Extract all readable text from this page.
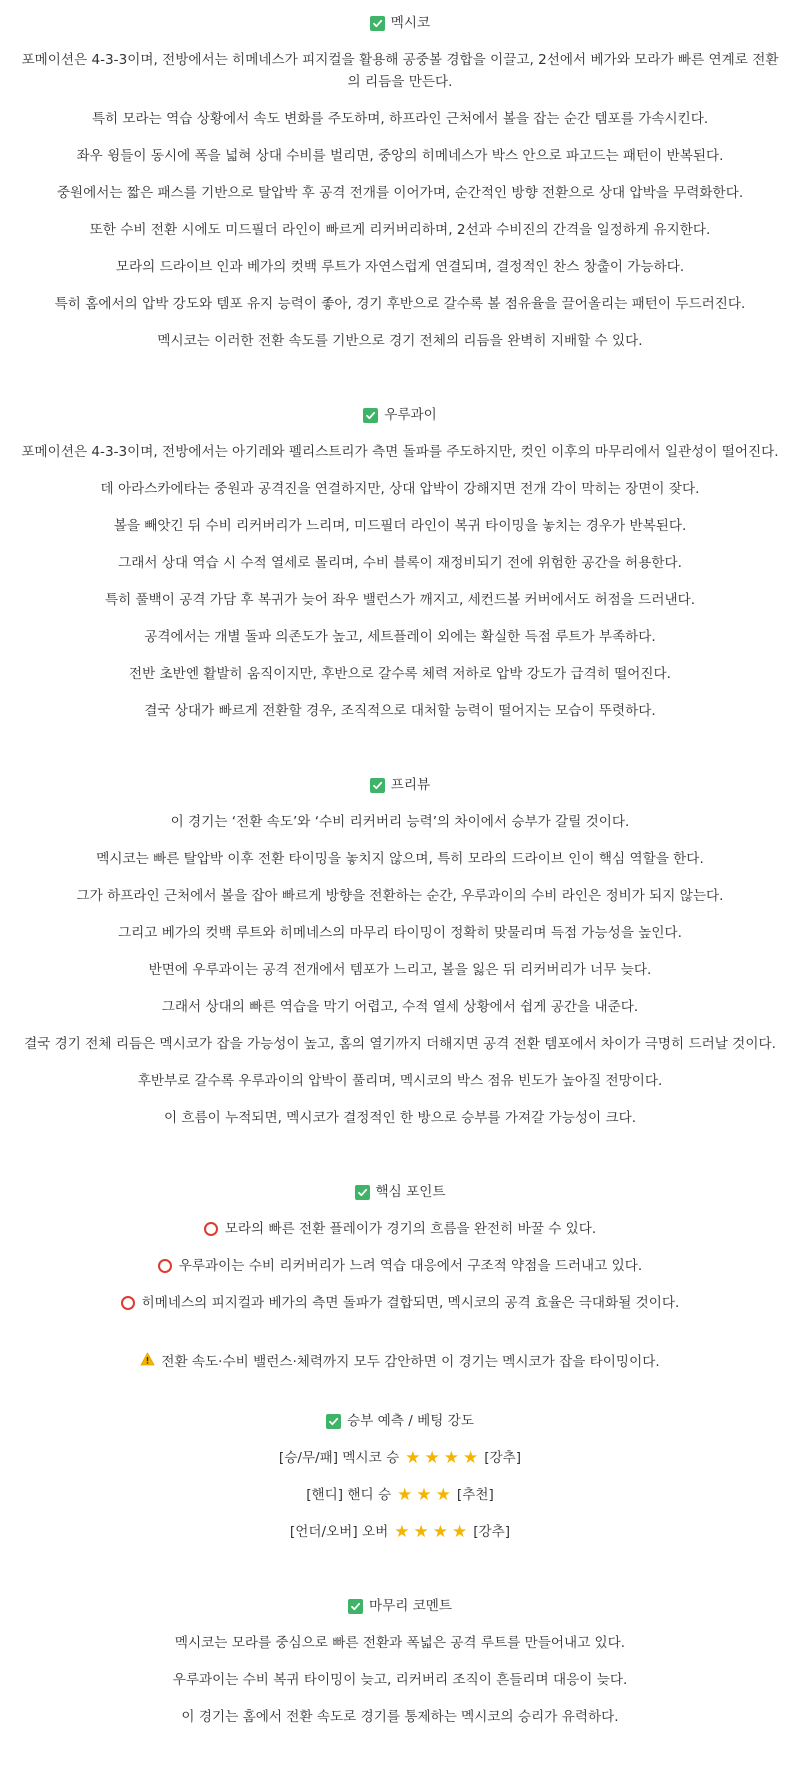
멕시코

포메이션은 4-3-3이며, 전방에서는 히메네스가 피지컬을 활용해 공중볼 경합을 이끌고, 2선에서 베가와 모라가 빠른 연계로 전환의 리듬을 만든다.

특히 모라는 역습 상황에서 속도 변화를 주도하며, 하프라인 근처에서 볼을 잡는 순간 템포를 가속시킨다.

좌우 윙들이 동시에 폭을 넓혀 상대 수비를 벌리면, 중앙의 히메네스가 박스 안으로 파고드는 패턴이 반복된다.

중원에서는 짧은 패스를 기반으로 탈압박 후 공격 전개를 이어가며, 순간적인 방향 전환으로 상대 압박을 무력화한다.

또한 수비 전환 시에도 미드필더 라인이 빠르게 리커버리하며, 2선과 수비진의 간격을 일정하게 유지한다.

모라의 드라이브 인과 베가의 컷백 루트가 자연스럽게 연결되며, 결정적인 찬스 창출이 가능하다.

특히 홈에서의 압박 강도와 템포 유지 능력이 좋아, 경기 후반으로 갈수록 볼 점유율을 끌어올리는 패턴이 두드러진다.

멕시코는 이러한 전환 속도를 기반으로 경기 전체의 리듬을 완벽히 지배할 수 있다.

우루과이

포메이션은 4-3-3이며, 전방에서는 아기레와 펠리스트리가 측면 돌파를 주도하지만, 컷인 이후의 마무리에서 일관성이 떨어진다.

데 아라스카에타는 중원과 공격진을 연결하지만, 상대 압박이 강해지면 전개 각이 막히는 장면이 잦다.

볼을 빼앗긴 뒤 수비 리커버리가 느리며, 미드필더 라인이 복귀 타이밍을 놓치는 경우가 반복된다.

그래서 상대 역습 시 수적 열세로 몰리며, 수비 블록이 재정비되기 전에 위험한 공간을 허용한다.

특히 풀백이 공격 가담 후 복귀가 늦어 좌우 밸런스가 깨지고, 세컨드볼 커버에서도 허점을 드러낸다.

공격에서는 개별 돌파 의존도가 높고, 세트플레이 외에는 확실한 득점 루트가 부족하다.

전반 초반엔 활발히 움직이지만, 후반으로 갈수록 체력 저하로 압박 강도가 급격히 떨어진다.

결국 상대가 빠르게 전환할 경우, 조직적으로 대처할 능력이 떨어지는 모습이 뚜렷하다.

프리뷰

이 경기는 ‘전환 속도’와 ‘수비 리커버리 능력’의 차이에서 승부가 갈릴 것이다.

멕시코는 빠른 탈압박 이후 전환 타이밍을 놓치지 않으며, 특히 모라의 드라이브 인이 핵심 역할을 한다.

그가 하프라인 근처에서 볼을 잡아 빠르게 방향을 전환하는 순간, 우루과이의 수비 라인은 정비가 되지 않는다.

그리고 베가의 컷백 루트와 히메네스의 마무리 타이밍이 정확히 맞물리며 득점 가능성을 높인다.

반면에 우루과이는 공격 전개에서 템포가 느리고, 볼을 잃은 뒤 리커버리가 너무 늦다.

그래서 상대의 빠른 역습을 막기 어렵고, 수적 열세 상황에서 쉽게 공간을 내준다.

결국 경기 전체 리듬은 멕시코가 잡을 가능성이 높고, 홈의 열기까지 더해지면 공격 전환 템포에서 차이가 극명히 드러날 것이다.

후반부로 갈수록 우루과이의 압박이 풀리며, 멕시코의 박스 점유 빈도가 높아질 전망이다.

이 흐름이 누적되면, 멕시코가 결정적인 한 방으로 승부를 가져갈 가능성이 크다.

핵심 포인트
모라의 빠른 전환 플레이가 경기의 흐름을 완전히 바꿀 수 있다.
우루과이는 수비 리커버리가 느려 역습 대응에서 구조적 약점을 드러내고 있다.
히메네스의 피지컬과 베가의 측면 돌파가 결합되면, 멕시코의 공격 효율은 극대화될 것이다.
전환 속도·수비 밸런스·체력까지 모두 감안하면 이 경기는 멕시코가 잡을 타이밍이다.
승부 예측 / 베팅 강도
[승/무/패] 멕시코 승 ★ ★ ★ ★ [강추]
[핸디] 핸디 승 ★ ★ ★ [추천]
[언더/오버] 오버 ★ ★ ★ ★ [강추]
마무리 코멘트

멕시코는 모라를 중심으로 빠른 전환과 폭넓은 공격 루트를 만들어내고 있다.

우루과이는 수비 복귀 타이밍이 늦고, 리커버리 조직이 흔들리며 대응이 늦다.

이 경기는 홈에서 전환 속도로 경기를 통제하는 멕시코의 승리가 유력하다.
